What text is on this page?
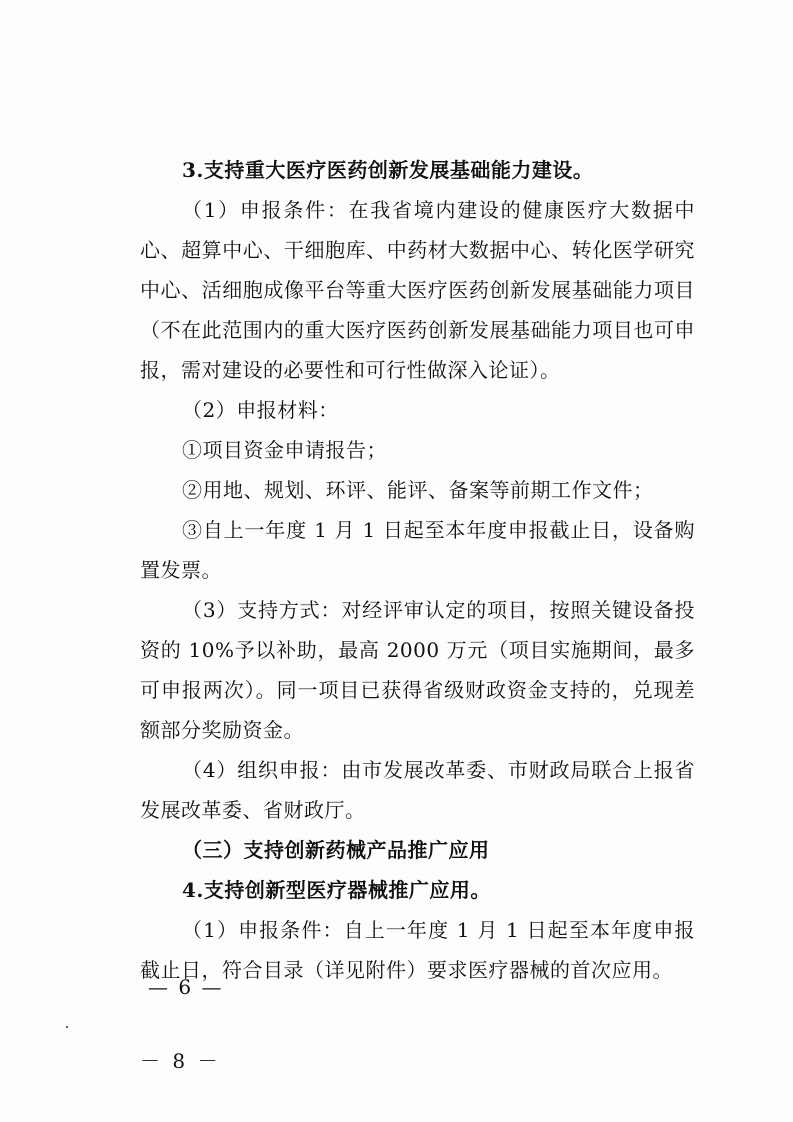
3.支持重大医疗医药创新发展基础能力建设。

（1）申报条件：在我省境内建设的健康医疗大数据中心、超算中心、干细胞库、中药材大数据中心、转化医学研究中心、活细胞成像平台等重大医疗医药创新发展基础能力项目（不在此范围内的重大医疗医药创新发展基础能力项目也可申报，需对建设的必要性和可行性做深入论证）。

（2）申报材料：

①项目资金申请报告；

②用地、规划、环评、能评、备案等前期工作文件；

③自上一年度 1 月 1 日起至本年度申报截止日，设备购置发票。

（3）支持方式：对经评审认定的项目，按照关键设备投资的 10%予以补助，最高 2000 万元（项目实施期间，最多可申报两次）。同一项目已获得省级财政资金支持的，兑现差额部分奖励资金。

（4）组织申报：由市发展改革委、市财政局联合上报省发展改革委、省财政厅。

（三）支持创新药械产品推广应用

4.支持创新型医疗器械推广应用。

（1）申报条件：自上一年度 1 月 1 日起至本年度申报截止日，符合目录（详见附件）要求医疗器械的首次应用。

— 6 —
－ 8 －
